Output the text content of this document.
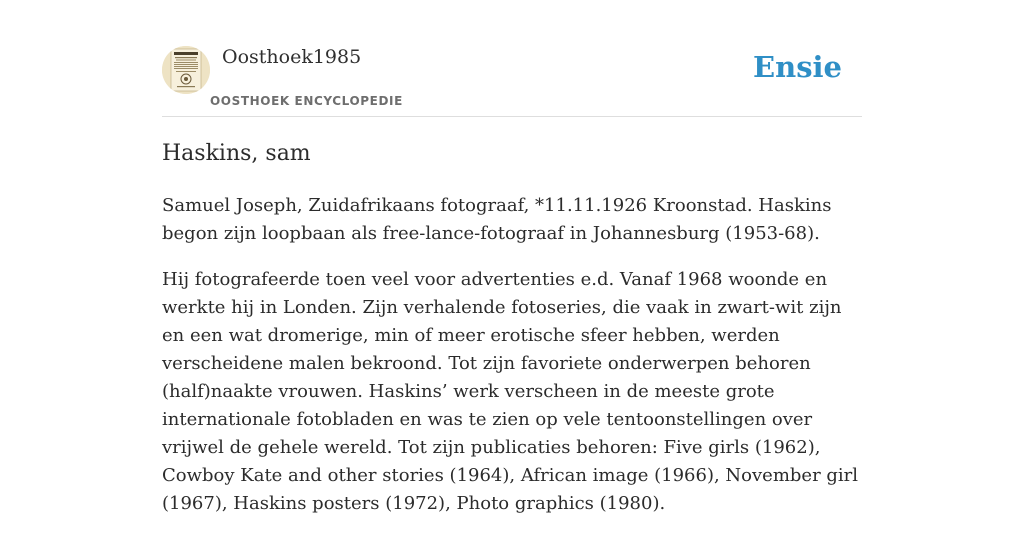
Oosthoek1985
OOSTHOEK ENCYCLOPEDIE
Ensie
Haskins, sam

Samuel Joseph, Zuidafrikaans fotograaf, *11.11.1926 Kroonstad. Haskins begon zijn loopbaan als free-lance-fotograaf in Johannesburg (1953-68).

Hij fotografeerde toen veel voor advertenties e.d. Vanaf 1968 woonde en werkte hij in Londen. Zijn verhalende fotoseries, die vaak in zwart-wit zijn en een wat dromerige, min of meer erotische sfeer hebben, werden verscheidene malen bekroond. Tot zijn favoriete onderwerpen behoren (half)naakte vrouwen. Haskins’ werk verscheen in de meeste grote internationale fotobladen en was te zien op vele tentoonstellingen over vrijwel de gehele wereld. Tot zijn publicaties behoren: Five girls (1962), Cowboy Kate and other stories (1964), African image (1966), November girl (1967), Haskins posters (1972), Photo graphics (1980).
